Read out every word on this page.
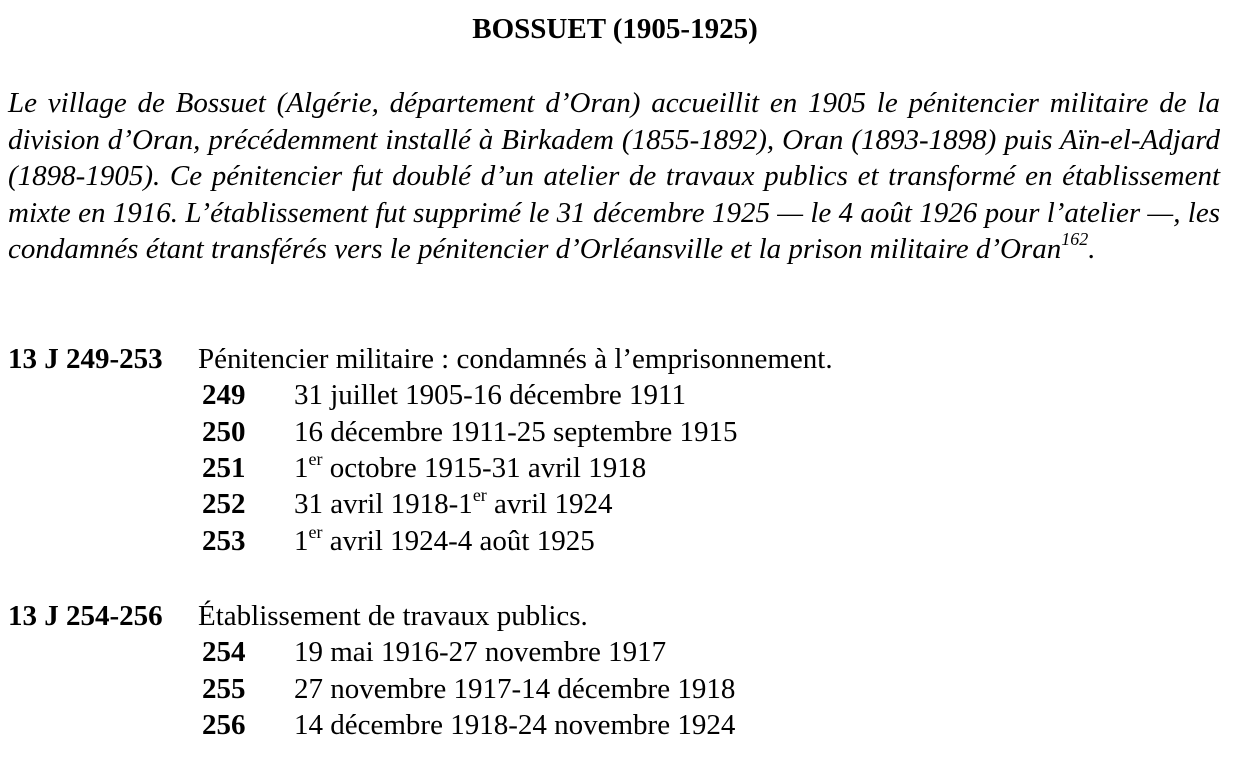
BOSSUET (1905-1925)
Le village de Bossuet (Algérie, département d’Oran) accueillit en 1905 le pénitencier militaire de la division d’Oran, précédemment installé à Birkadem (1855-1892), Oran (1893-1898) puis Aïn-el-Adjard (1898-1905). Ce pénitencier fut doublé d’un atelier de travaux publics et transformé en établissement mixte en 1916. L’établissement fut supprimé le 31 décembre 1925 — le 4 août 1926 pour l’atelier —, les condamnés étant transférés vers le pénitencier d’Orléansville et la prison militaire d’Oran$^{162}$.
13 J 249-253 Pénitencier militaire : condamnés à l’emprisonnement.
249 31 juillet 1905-16 décembre 1911
250 16 décembre 1911-25 septembre 1915
251 1er octobre 1915-31 avril 1918
252 31 avril 1918-1er avril 1924
253 1er avril 1924-4 août 1925
13 J 254-256 Établissement de travaux publics.
254 19 mai 1916-27 novembre 1917
255 27 novembre 1917-14 décembre 1918
256 14 décembre 1918-24 novembre 1924
